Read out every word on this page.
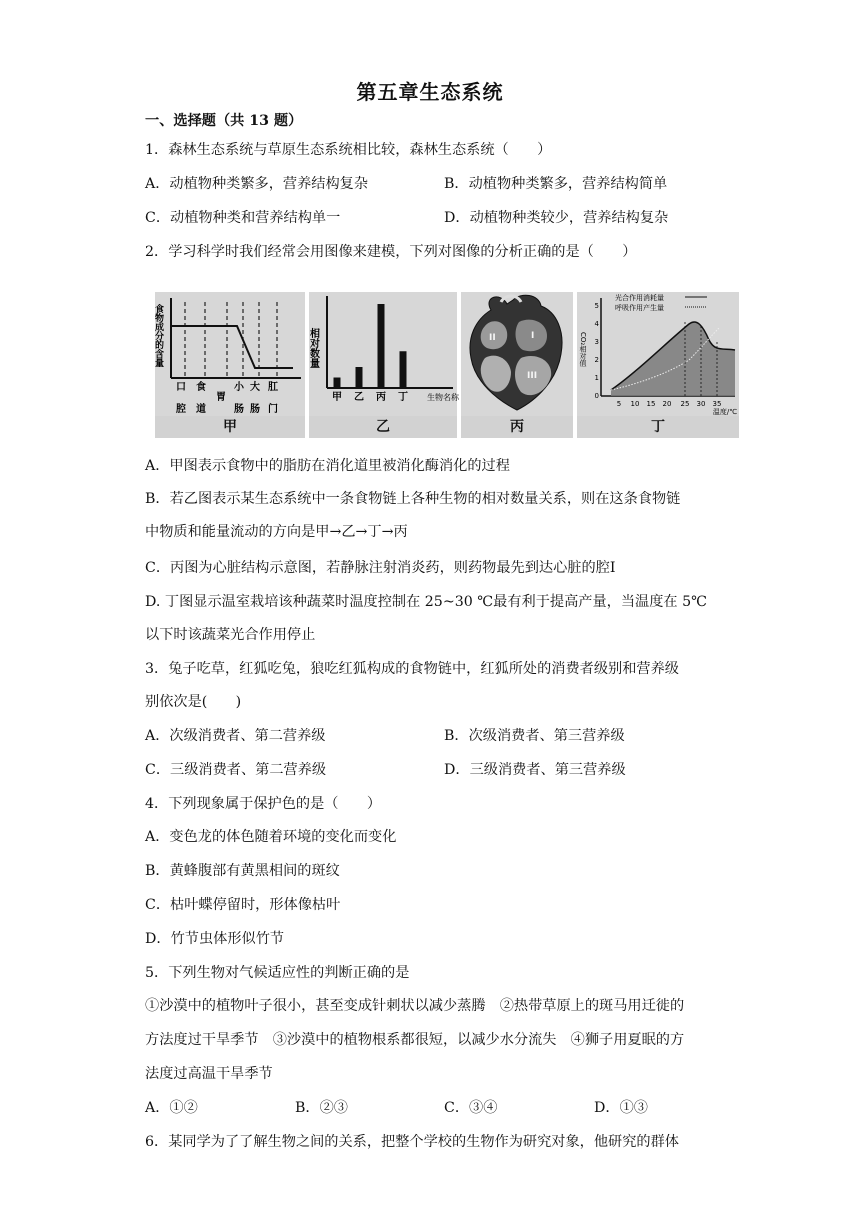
第五章生态系统
一、选择题（共 13 题）
1．森林生态系统与草原生态系统相比较，森林生态系统（　　）
A．动植物种类繁多，营养结构复杂	B．动植物种类繁多，营养结构简单
C．动植物种类和营养结构单一	D．动植物种类较少，营养结构复杂
2．学习科学时我们经常会用图像来建模，下列对图像的分析正确的是（　　）
食物成分的含量
口 食	小 大 肛
胃
腔 道	肠 肠 门
甲
相对数量
甲 乙 丙 丁 生物名称
乙
II	I
III
丙
光合作用消耗量
呼吸作用产生量
CO₂相对值
0
1
2
3
4
5
5 10 15 20 25 30 35
温度/℃
丁
A．甲图表示食物中的脂肪在消化道里被消化酶消化的过程
B．若乙图表示某生态系统中一条食物链上各种生物的相对数量关系，则在这条食物链
中物质和能量流动的方向是甲→乙→丁→丙
C．丙图为心脏结构示意图，若静脉注射消炎药，则药物最先到达心脏的腔I
D. 丁图显示温室栽培该种蔬菜时温度控制在 25~30 ℃最有利于提高产量，当温度在 5℃
以下时该蔬菜光合作用停止
3．兔子吃草，红狐吃兔，狼吃红狐构成的食物链中，红狐所处的消费者级别和营养级
别依次是(　　)
A．次级消费者、第二营养级	B．次级消费者、第三营养级
C．三级消费者、第二营养级	D．三级消费者、第三营养级
4．下列现象属于保护色的是（　　）
A．变色龙的体色随着环境的变化而变化
B．黄蜂腹部有黄黑相间的斑纹
C．枯叶蝶停留时，形体像枯叶
D．竹节虫体形似竹节
5．下列生物对气候适应性的判断正确的是
①沙漠中的植物叶子很小，甚至变成针刺状以减少蒸腾　②热带草原上的斑马用迁徙的
方法度过干旱季节　③沙漠中的植物根系都很短，以减少水分流失　④狮子用夏眠的方
法度过高温干旱季节
A．①②	B．②③	C．③④	D．①③
6．某同学为了了解生物之间的关系，把整个学校的生物作为研究对象，他研究的群体
